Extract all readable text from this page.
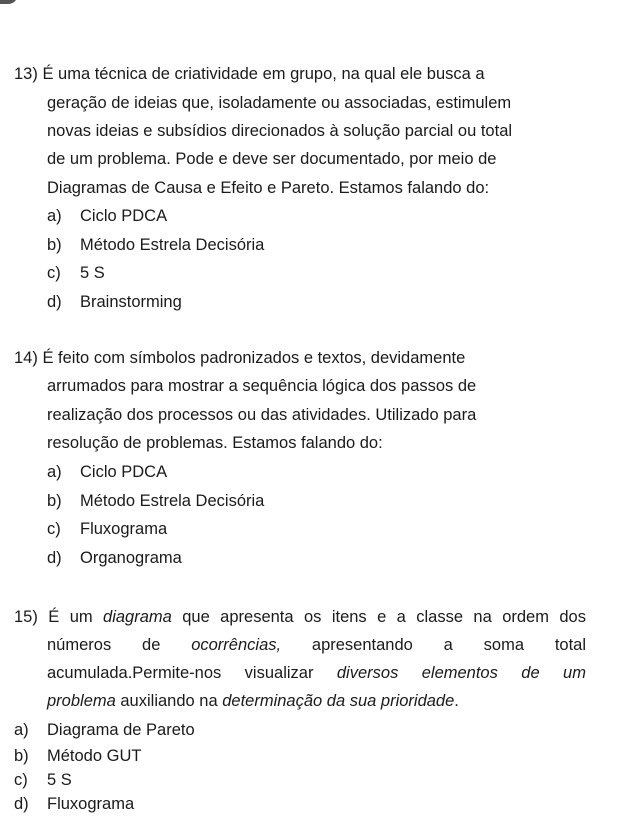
13) É uma técnica de criatividade em grupo, na qual ele busca a
geração de ideias que, isoladamente ou associadas, estimulem
novas ideias e subsídios direcionados à solução parcial ou total
de um problema. Pode e deve ser documentado, por meio de
Diagramas de Causa e Efeito e Pareto. Estamos falando do:
a) Ciclo PDCA
b) Método Estrela Decisória
c) 5 S
d) Brainstorming
14) É feito com símbolos padronizados e textos, devidamente
arrumados para mostrar a sequência lógica dos passos de
realização dos processos ou das atividades. Utilizado para
resolução de problemas. Estamos falando do:
a) Ciclo PDCA
b) Método Estrela Decisória
c) Fluxograma
d) Organograma
15) É um diagrama que apresenta os itens e a classe na ordem dos
números de ocorrências, apresentando a soma total
acumulada.Permite-nos visualizar diversos elementos de um
problema auxiliando na determinação da sua prioridade.
a) Diagrama de Pareto
b) Método GUT
c) 5 S
d) Fluxograma
